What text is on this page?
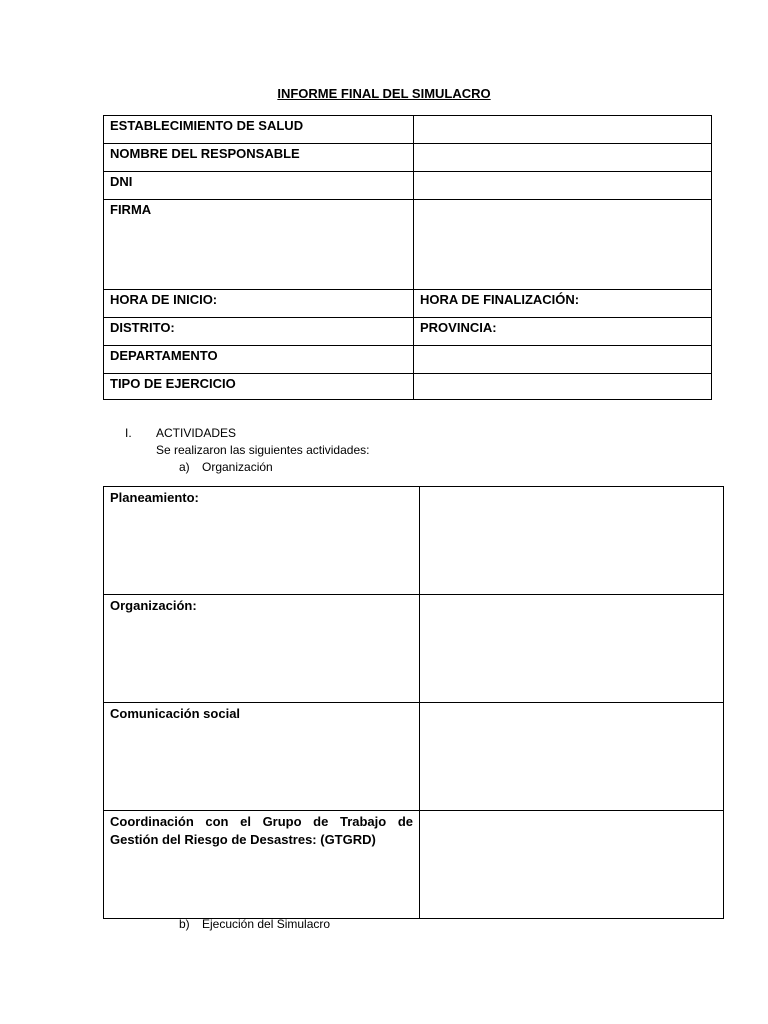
INFORME FINAL DEL SIMULACRO
ESTABLECIMIENTO DE SALUD	
NOMBRE DEL RESPONSABLE	
DNI	
FIRMA	
HORA DE INICIO:	HORA DE FINALIZACIÓN:
DISTRITO:	PROVINCIA:
DEPARTAMENTO	
TIPO DE EJERCICIO	
I. ACTIVIDADES
Se realizaron las siguientes actividades:
a) Organización
Planeamiento:	
Organización:	
Comunicación social	
Coordinación con el Grupo de Trabajo de Gestión del Riesgo de Desastres: (GTGRD)	
b) Ejecución del Simulacro
